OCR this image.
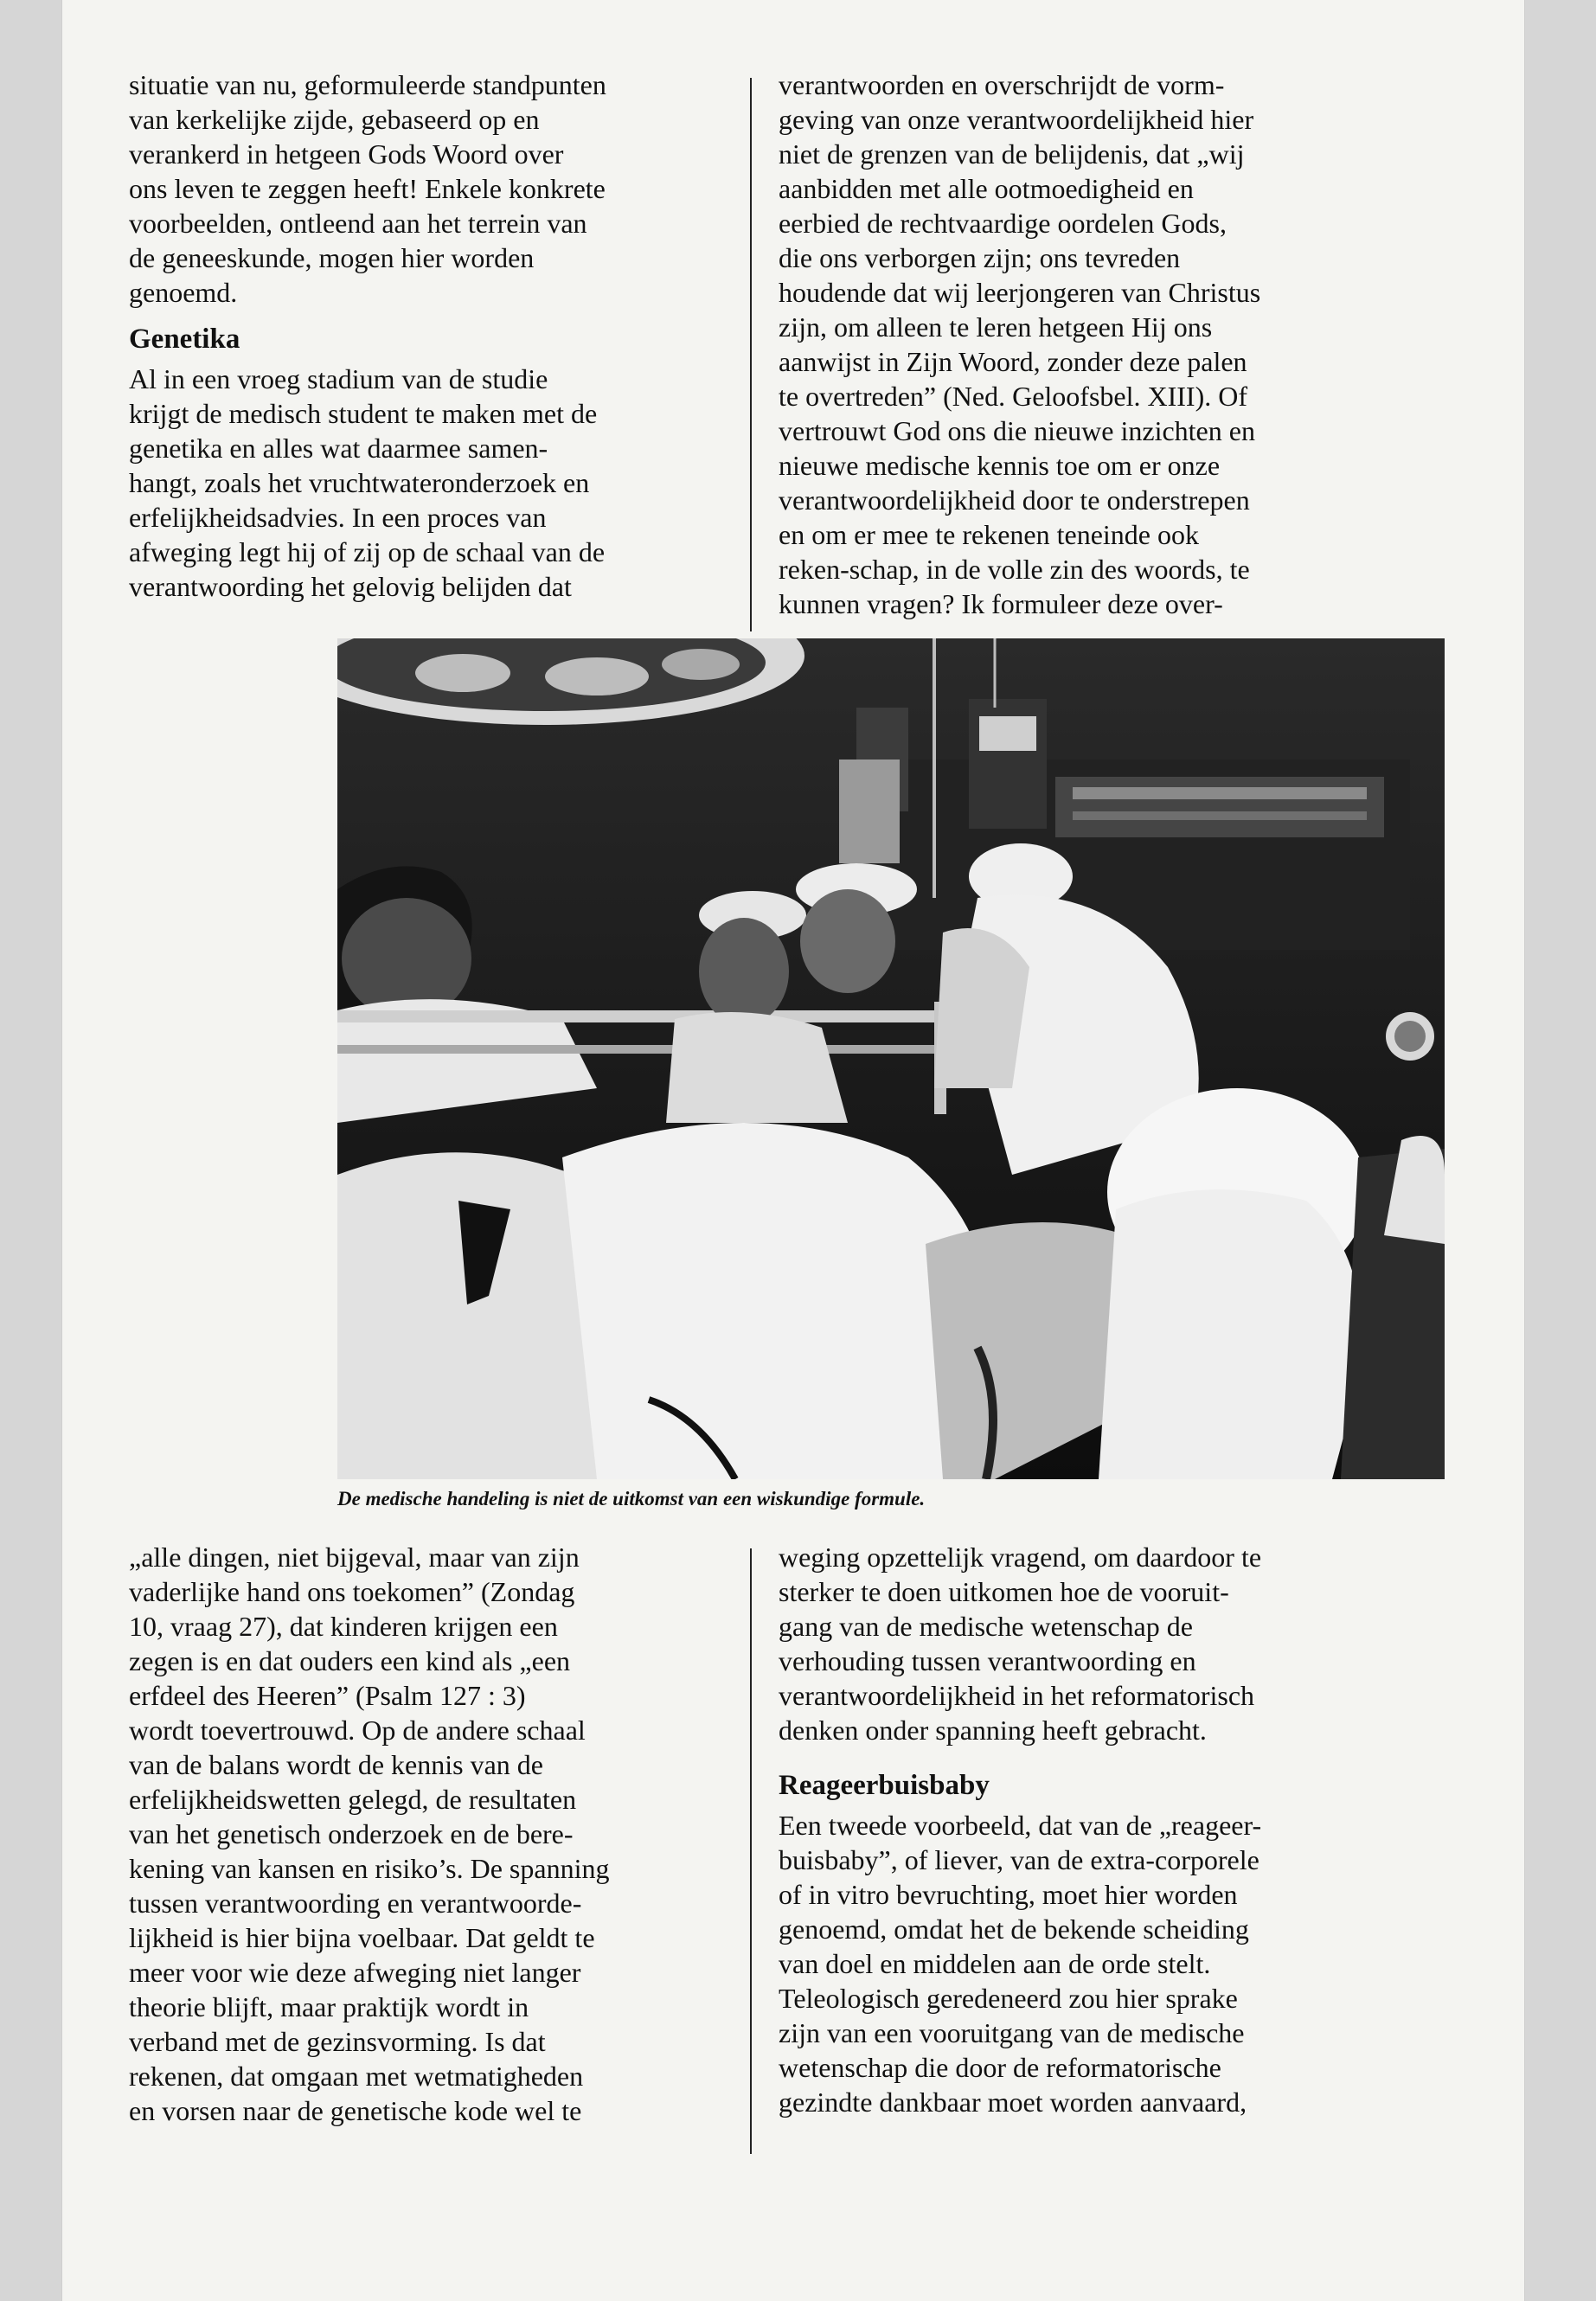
situatie van nu, geformuleerde standpunten
van kerkelijke zijde, gebaseerd op en
verankerd in hetgeen Gods Woord over
ons leven te zeggen heeft! Enkele konkrete
voorbeelden, ontleend aan het terrein van
de geneeskunde, mogen hier worden
genoemd.
Genetika
Al in een vroeg stadium van de studie
krijgt de medisch student te maken met de
genetika en alles wat daarmee samen-
hangt, zoals het vruchtwateronderzoek en
erfelijkheidsadvies. In een proces van
afweging legt hij of zij op de schaal van de
verantwoording het gelovig belijden dat
verantwoorden en overschrijdt de vorm-
geving van onze verantwoordelijkheid hier
niet de grenzen van de belijdenis, dat „wij
aanbidden met alle ootmoedigheid en
eerbied de rechtvaardige oordelen Gods,
die ons verborgen zijn; ons tevreden
houdende dat wij leerjongeren van Christus
zijn, om alleen te leren hetgeen Hij ons
aanwijst in Zijn Woord, zonder deze palen
te overtreden” (Ned. Geloofsbel. XIII). Of
vertrouwt God ons die nieuwe inzichten en
nieuwe medische kennis toe om er onze
verantwoordelijkheid door te onderstrepen
en om er mee te rekenen teneinde ook
reken-schap, in de volle zin des woords, te
kunnen vragen? Ik formuleer deze over-
De medische handeling is niet de uitkomst van een wiskundige formule.
„alle dingen, niet bijgeval, maar van zijn
vaderlijke hand ons toekomen” (Zondag
10, vraag 27), dat kinderen krijgen een
zegen is en dat ouders een kind als „een
erfdeel des Heeren” (Psalm 127 : 3)
wordt toevertrouwd. Op de andere schaal
van de balans wordt de kennis van de
erfelijkheidswetten gelegd, de resultaten
van het genetisch onderzoek en de bere-
kening van kansen en risiko’s. De spanning
tussen verantwoording en verantwoorde-
lijkheid is hier bijna voelbaar. Dat geldt te
meer voor wie deze afweging niet langer
theorie blijft, maar praktijk wordt in
verband met de gezinsvorming. Is dat
rekenen, dat omgaan met wetmatigheden
en vorsen naar de genetische kode wel te
weging opzettelijk vragend, om daardoor te
sterker te doen uitkomen hoe de vooruit-
gang van de medische wetenschap de
verhouding tussen verantwoording en
verantwoordelijkheid in het reformatorisch
denken onder spanning heeft gebracht.
Reageerbuisbaby
Een tweede voorbeeld, dat van de „reageer-
buisbaby”, of liever, van de extra-corporele
of in vitro bevruchting, moet hier worden
genoemd, omdat het de bekende scheiding
van doel en middelen aan de orde stelt.
Teleologisch geredeneerd zou hier sprake
zijn van een vooruitgang van de medische
wetenschap die door de reformatorische
gezindte dankbaar moet worden aanvaard,
